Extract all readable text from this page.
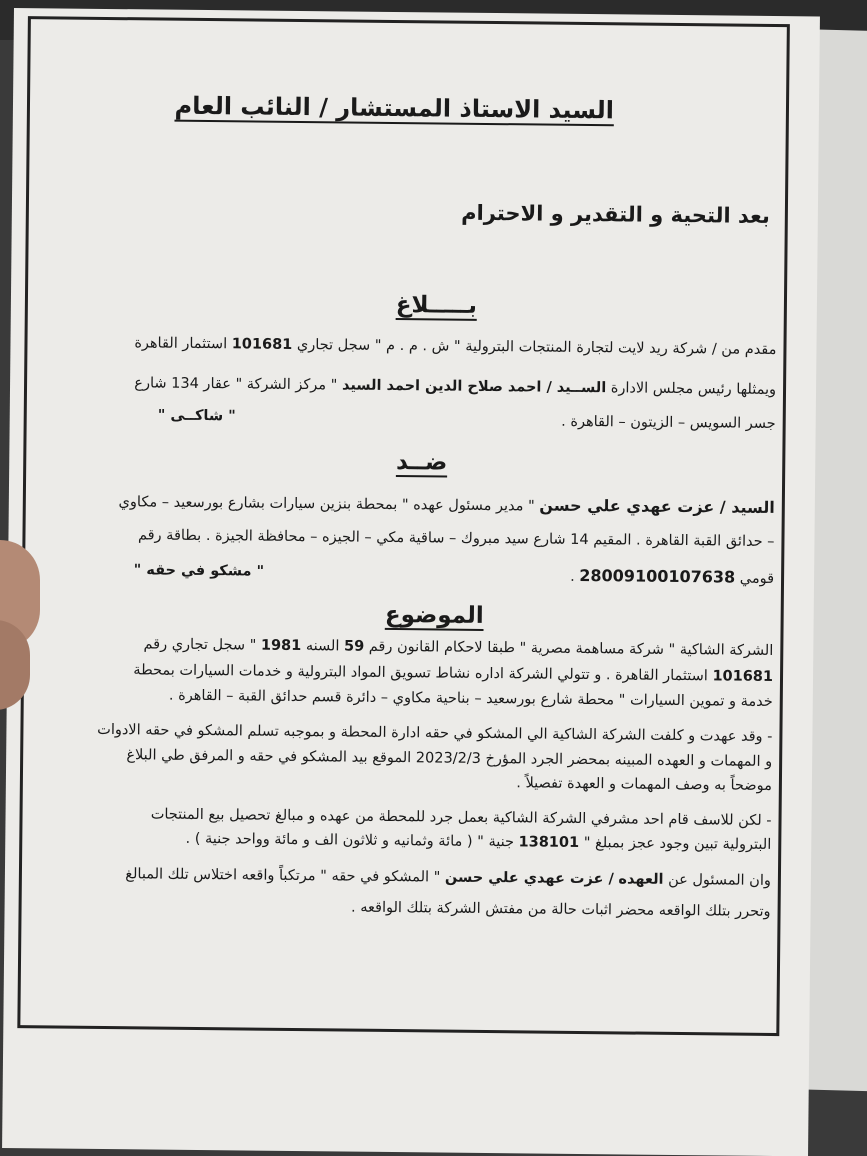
السيد الاستاذ المستشار / النائب العام
بعد التحية و التقدير و الاحترام
بـــــلاغ
مقدم من / شركة ريد لايت لتجارة المنتجات البترولية " ش . م . م " سجل تجاري 101681 استثمار القاهرة
ويمثلها رئيس مجلس الادارة الســيد / احمد صلاح الدين احمد السيد " مركز الشركة " عقار 134 شارع
جسر السويس – الزيتون – القاهرة .
" شاكــى "
ضــد
السيد / عزت عهدي علي حسن " مدير مسئول عهده " بمحطة بنزين سيارات بشارع بورسعيد – مكاوي
– حدائق القبة القاهرة . المقيم 14 شارع سيد مبروك – ساقية مكي – الجيزه – محافظة الجيزة . بطاقة رقم
قومي 28009100107638 .
" مشكو في حقه "
الموضوع
الشركة الشاكية " شركة مساهمة مصرية " طبقا لاحكام القانون رقم 59 السنه 1981 " سجل تجاري رقم
101681 استثمار القاهرة . و تتولي الشركة اداره نشاط تسويق المواد البترولية و خدمات السيارات بمحطة
خدمة و تموين السيارات " محطة شارع بورسعيد – بناحية مكاوي – دائرة قسم حدائق القبة – القاهرة .
- وقد عهدت و كلفت الشركة الشاكية الي المشكو في حقه ادارة المحطة و بموجبه تسلم المشكو في حقه الادوات
و المهمات و العهده المبينه بمحضر الجرد المؤرخ 2023/2/3 الموقع بيد المشكو في حقه و المرفق طي البلاغ
موضحاً به وصف المهمات و العهدة تفصيلاً .
- لكن للاسف قام احد مشرفي الشركة الشاكية بعمل جرد للمحطة من عهده و مبالغ تحصيل بيع المنتجات
البترولية تبين وجود عجز بمبلغ " 138101 جنية " ( مائة وثمانيه و ثلاثون الف و مائة وواحد جنية ) .
وان المسئول عن العهده / عزت عهدي علي حسن " المشكو في حقه " مرتكباً واقعه اختلاس تلك المبالغ
وتحرر بتلك الواقعه محضر اثبات حالة من مفتش الشركة بتلك الواقعه .
